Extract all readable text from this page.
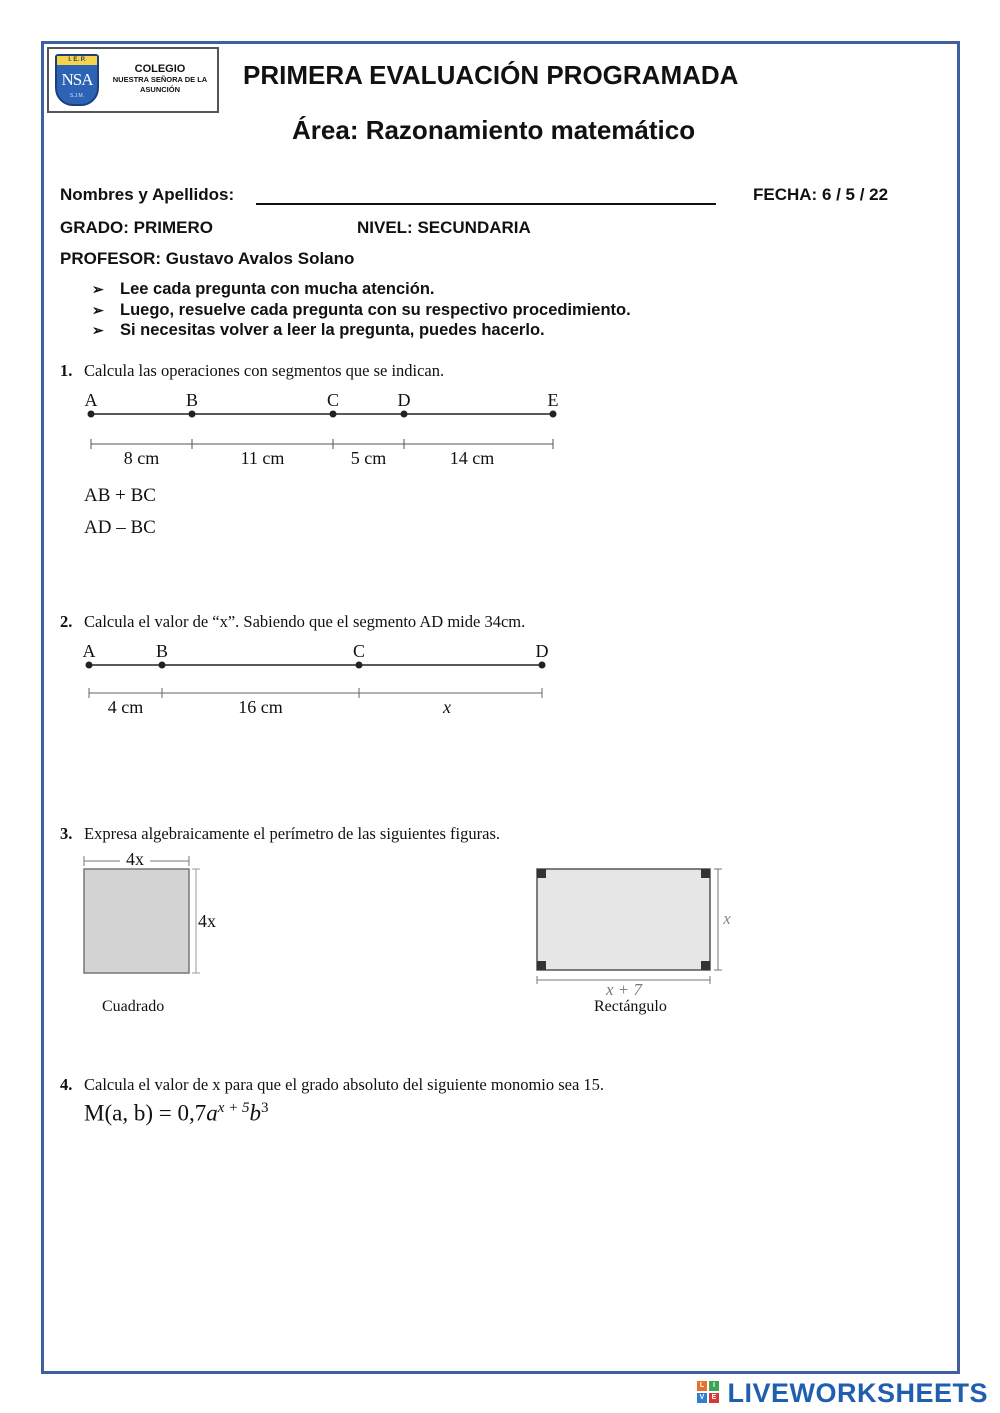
I. E. P.
NSA
S.J.M.
COLEGIO
NUESTRA SEÑORA DE LA ASUNCIÓN	PRIMERA EVALUACIÓN PROGRAMADA
Área: Razonamiento matemático
Nombres y Apellidos:	FECHA: 6 / 5 / 22
GRADO: PRIMERO	NIVEL: SECUNDARIA
PROFESOR: Gustavo Avalos Solano
➢ Lee cada pregunta con mucha atención.
➢ Luego, resuelve cada pregunta con su respectivo procedimiento.
➢ Si necesitas volver a leer la pregunta, puedes hacerlo.
1. Calcula las operaciones con segmentos que se indican.
A	B	C	D	E
8 cm	11 cm	5 cm	14 cm
AB + BC
AD – BC
2. Calcula el valor de “x”. Sabiendo que el segmento AD mide 34cm.
A	B	C	D
4 cm	16 cm	x
3. Expresa algebraicamente el perímetro de las siguientes figuras.
4x
4x
Cuadrado
x
x + 7
Rectángulo
4. Calcula el valor de x para que el grado absoluto del siguiente monomio sea 15.
M(a, $b) = 0,7a^{x + 5}b^3$
L	I
V	E LIVEWORKSHEETS
